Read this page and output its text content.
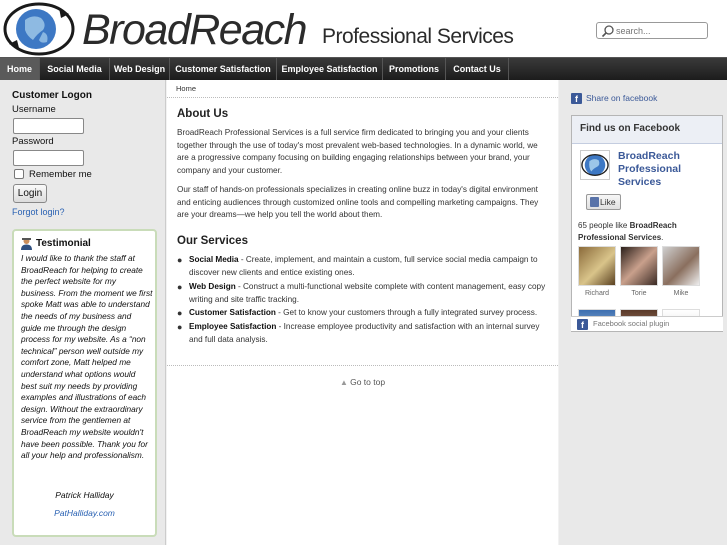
BroadReach Professional Services
search...
Home	Social Media	Web Design	Customer Satisfaction	Employee Satisfaction	Promotions	Contact Us
Customer Logon
Username
Password
Remember me
Login
Forgot login?
Testimonial
I would like to thank the staff at BroadReach for helping to create the perfect website for my business. From the moment we first spoke Matt was able to understand the needs of my business and guide me through the design process for my website. As a “non technical” person well outside my comfort zone, Matt helped me understand what options would best suit my needs by providing examples and illustrations of each design. Without the extraordinary service from the gentlemen at BroadReach my website wouldn't have been possible. Thank you for all your help and professionalism.
Patrick Halliday
PatHalliday.com
Home
About Us
BroadReach Professional Services is a full service firm dedicated to bringing you and your clients together through the use of today's most prevalent web-based technologies. In a dynamic world, we are a progressive company focusing on building engaging relationships between your brand, your company and your customer.
Our staff of hands-on professionals specializes in creating online buzz in today's digital environment and enticing audiences through customized online tools and compelling marketing campaigns. They are your dreams—we help you tell the world about them.
Our Services
● Social Media - Create, implement, and maintain a custom, full service social media campaign to discover new clients and entice existing ones.
● Web Design - Construct a multi-functional website complete with content management, easy copy writing and site traffic tracking.
● Customer Satisfaction - Get to know your customers through a fully integrated survey process.
● Employee Satisfaction - Increase employee productivity and satisfaction with an internal survey and full data analysis.
▲ Go to top
f Share on facebook
Find us on Facebook
BroadReach Professional Services
Like
65 people like BroadReach Professional Services.
Richard	Torie	Mike
f	Facebook social plugin
